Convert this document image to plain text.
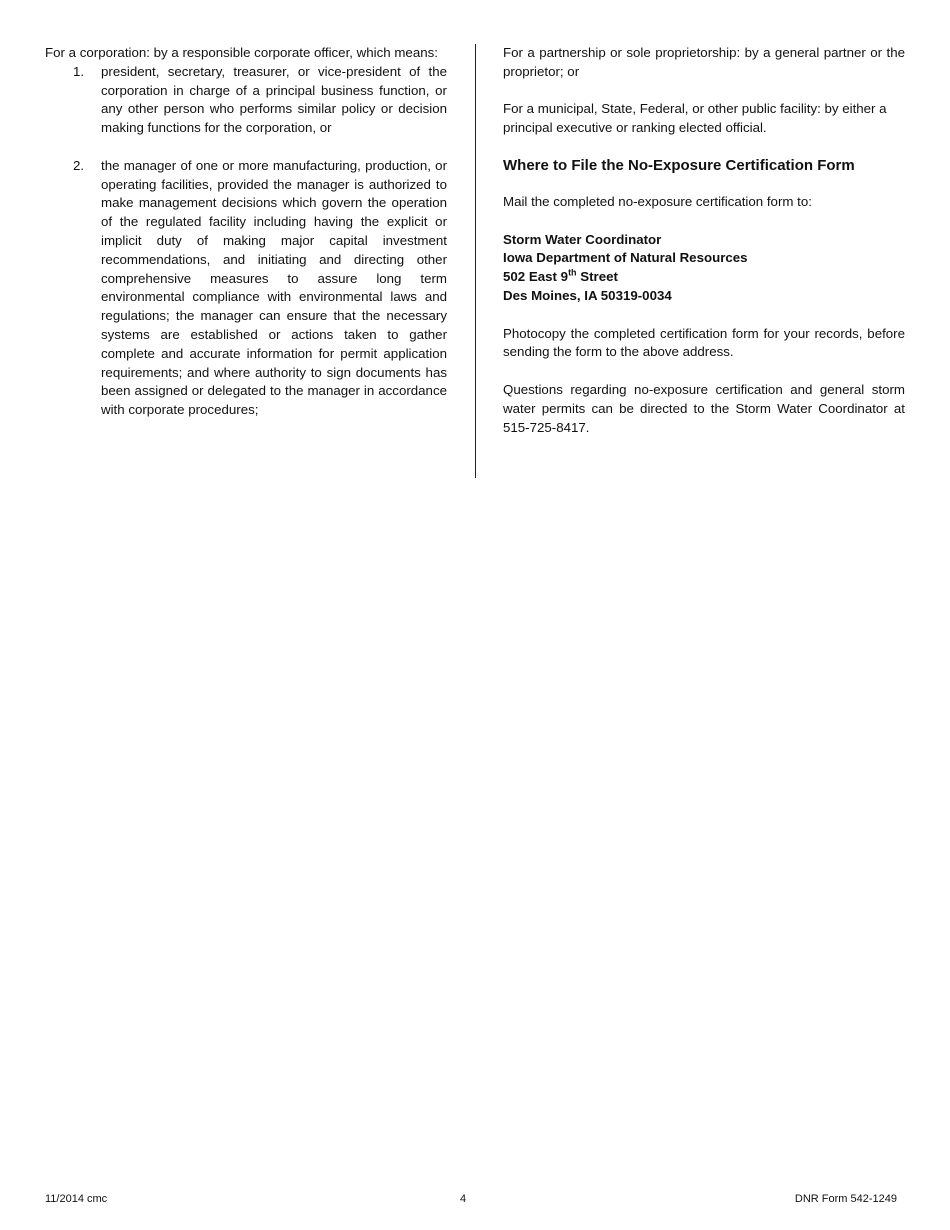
For a corporation: by a responsible corporate officer, which means:

1. president, secretary, treasurer, or vice-president of the corporation in charge of a principal business function, or any other person who performs similar policy or decision making functions for the corporation, or

2. the manager of one or more manufacturing, production, or operating facilities, provided the manager is authorized to make management decisions which govern the operation of the regulated facility including having the explicit or implicit duty of making major capital investment recommendations, and initiating and directing other comprehensive measures to assure long term environmental compliance with environmental laws and regulations; the manager can ensure that the necessary systems are established or actions taken to gather complete and accurate information for permit application requirements; and where authority to sign documents has been assigned or delegated to the manager in accordance with corporate procedures;

For a partnership or sole proprietorship: by a general partner or the proprietor; or

For a municipal, State, Federal, or other public facility: by either a principal executive or ranking elected official.

Where to File the No-Exposure Certification Form

Mail the completed no-exposure certification form to:

Storm Water Coordinator

Iowa Department of Natural Resources

502 East 9th Street

Des Moines, IA 50319-0034

Photocopy the completed certification form for your records, before sending the form to the above address.

Questions regarding no-exposure certification and general storm water permits can be directed to the Storm Water Coordinator at 515-725-8417.

11/2014 cmc	4	DNR Form 542-1249
